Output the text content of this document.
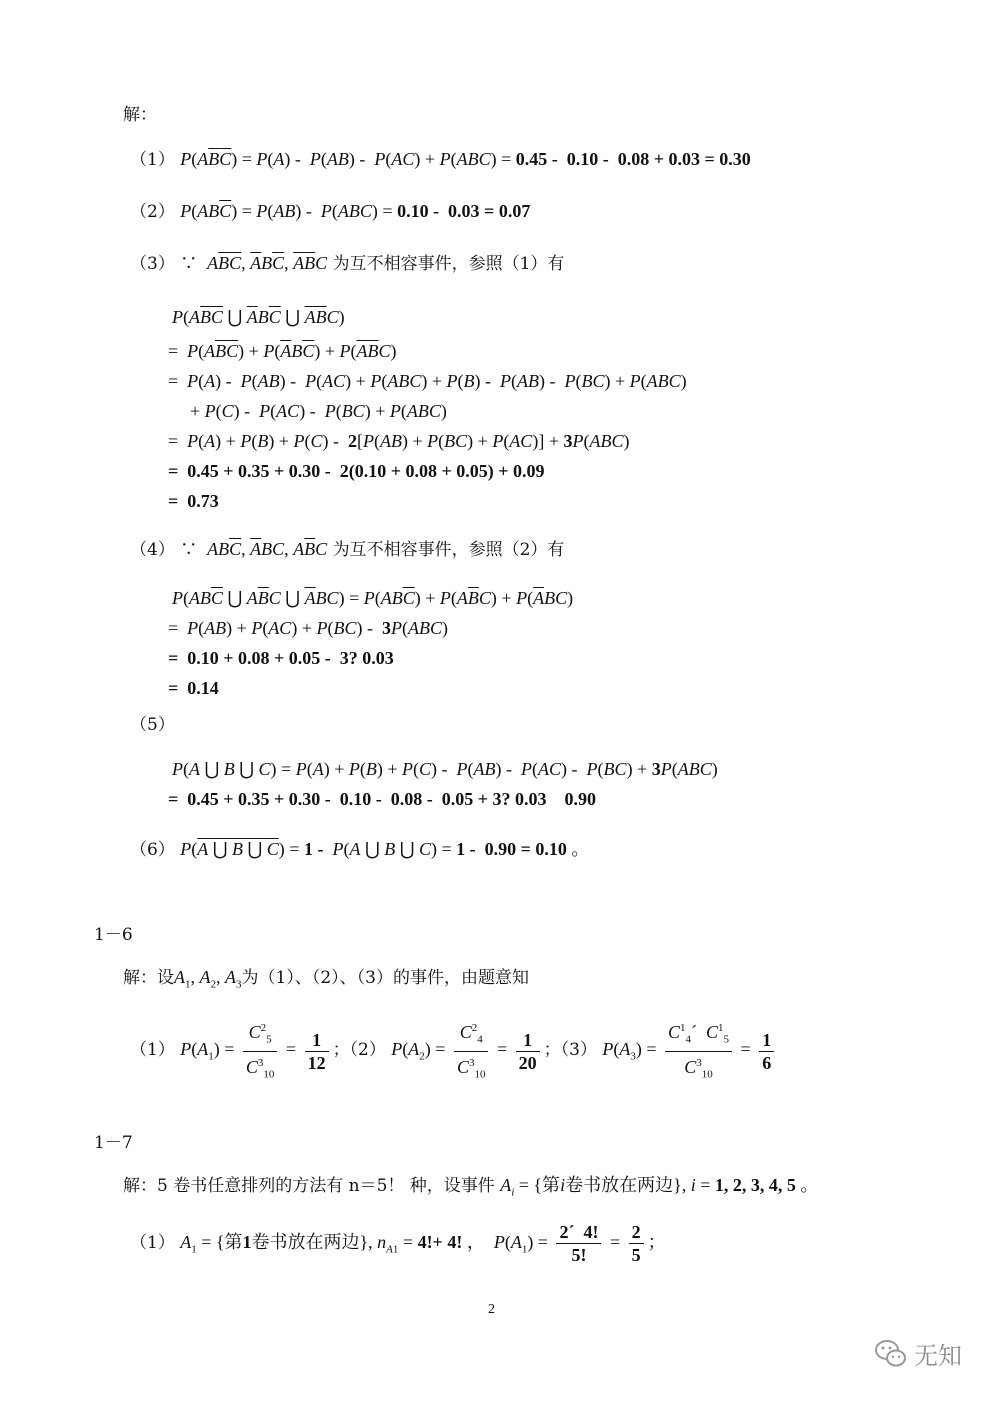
解：
（1） $P(A\overline{B}\overline{C}) = P(A) - P(AB) - P(AC) + P(ABC) = 0.45 - 0.10 - 0.08 + 0.03 = 0.30$
（2） $P(AB\overline{C}) = P(AB) - P(ABC) = 0.10 - 0.03 = 0.07$
（3） ∵ $A\overline{B}\overline{C}$, $\overline{A}B\overline{C}$, $\overline{A}\overline{B}C$ 为互不相容事件，参照（1）有
$P(A\overline{B}\overline{C}$ ⋃ $\overline{A}B\overline{C}$ ⋃ $\overline{A}\overline{B}C$)
=  $P(A\overline{BC}) + P(\overline{A}B\overline{C}) + P(\overline{AB}C)$
=  P(A) -  P(AB) -  P(AC) + P(ABC) + P(B) -  P(AB) -  P(BC) + P(ABC)
+ P(C) -  P(AC) -  P(BC) + P(ABC)
=  P(A) + P(B) + P(C) -  2[P(AB) + P(BC) + P(AC)] + 3P(ABC)
=  0.45 + 0.35 + 0.30 -  2(0.10 + 0.08 + 0.05) + 0.09
=  0.73
（4） ∵ $AB\overline{C}$, $\overline{A}BC$, $A\overline{B}C$ 为互不相容事件，参照（2）有
$P(AB\overline{C}$ ⋃ $A\overline{B}C$ ⋃ $\overline{A}BC) = P(AB\overline{C}) + P(A\overline{B}C) + P(\overline{A}BC)$
=  P(AB) + P(AC) + P(BC) -  3P(ABC)
=  0.10 + 0.08 + 0.05 -  3? 0.03
=  0.14
（5）
P(A ⋃ B ⋃ C) = P(A) + P(B) + P(C) -  P(AB) -  P(AC) -  P(BC) + 3P(ABC)
=  0.45 + 0.35 + 0.30 -  0.10 -  0.08 -  0.05 + 3? 0.03    0.90
（6） P(A ⋃ B ⋃ C) = 1 -  P(A ⋃ B ⋃ C) = 1 -  0.90 = 0.10 。
1－6
解：设$A_1$, $A_2$, $A_3$为（1）、（2）、（3）的事件，由题意知
（1） $P(A_1) = \frac{C^2_5}{C^3_{10}} = \frac{1}{12}$ ；（2） $P(A_2) = \frac{C^2_4}{C^3_{10}} = \frac{1}{20}$ ；（3） $P(A_3) = \frac{C^1_4´ C^1_5}{C^3_{10}} = \frac{1}{6}$
1－7
解：5 卷书任意排列的方法有 n＝5！ 种，设事件 $A_i$ = {第i卷书放在两边}, i = 1, 2, 3, 4, 5 。
（1） $A_1$ = {第1卷书放在两边}, $n_{A1} = 4!+ 4$! ，  $P(A_1) = \frac{2´ 4!}{5!} = \frac{2}{5}$ ；
2
无知
